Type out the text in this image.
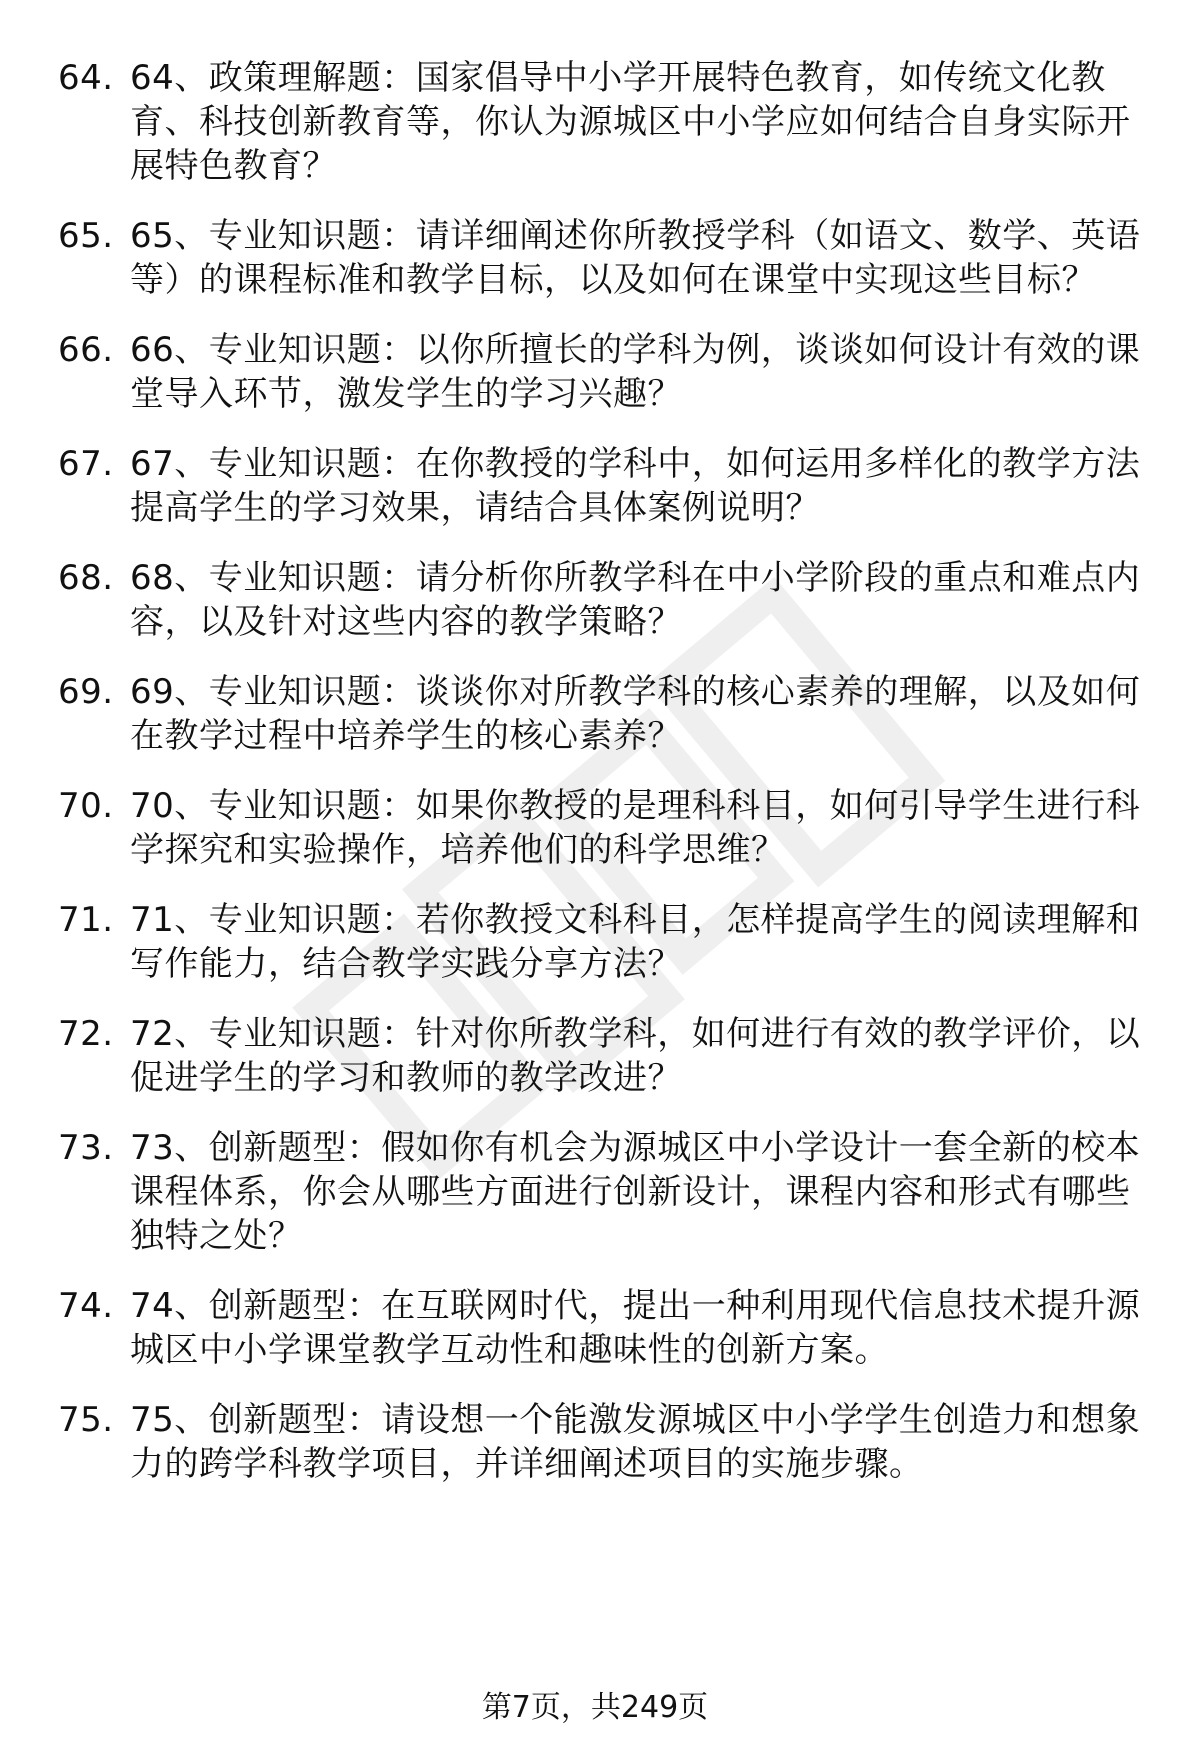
64. 64、政策理解题：国家倡导中小学开展特色教育，如传统文化教育、科技创新教育等，你认为源城区中小学应如何结合自身实际开展特色教育？
65. 65、专业知识题：请详细阐述你所教授学科（如语文、数学、英语等）的课程标准和教学目标，以及如何在课堂中实现这些目标？
66. 66、专业知识题：以你所擅长的学科为例，谈谈如何设计有效的课堂导入环节，激发学生的学习兴趣？
67. 67、专业知识题：在你教授的学科中，如何运用多样化的教学方法提高学生的学习效果，请结合具体案例说明？
68. 68、专业知识题：请分析你所教学科在中小学阶段的重点和难点内容，以及针对这些内容的教学策略？
69. 69、专业知识题：谈谈你对所教学科的核心素养的理解，以及如何在教学过程中培养学生的核心素养？
70. 70、专业知识题：如果你教授的是理科科目，如何引导学生进行科学探究和实验操作，培养他们的科学思维？
71. 71、专业知识题：若你教授文科科目，怎样提高学生的阅读理解和写作能力，结合教学实践分享方法？
72. 72、专业知识题：针对你所教学科，如何进行有效的教学评价，以促进学生的学习和教师的教学改进？
73. 73、创新题型：假如你有机会为源城区中小学设计一套全新的校本课程体系，你会从哪些方面进行创新设计，课程内容和形式有哪些独特之处？
74. 74、创新题型：在互联网时代，提出一种利用现代信息技术提升源城区中小学课堂教学互动性和趣味性的创新方案。
75. 75、创新题型：请设想一个能激发源城区中小学学生创造力和想象力的跨学科教学项目，并详细阐述项目的实施步骤。
第7页，共249页
